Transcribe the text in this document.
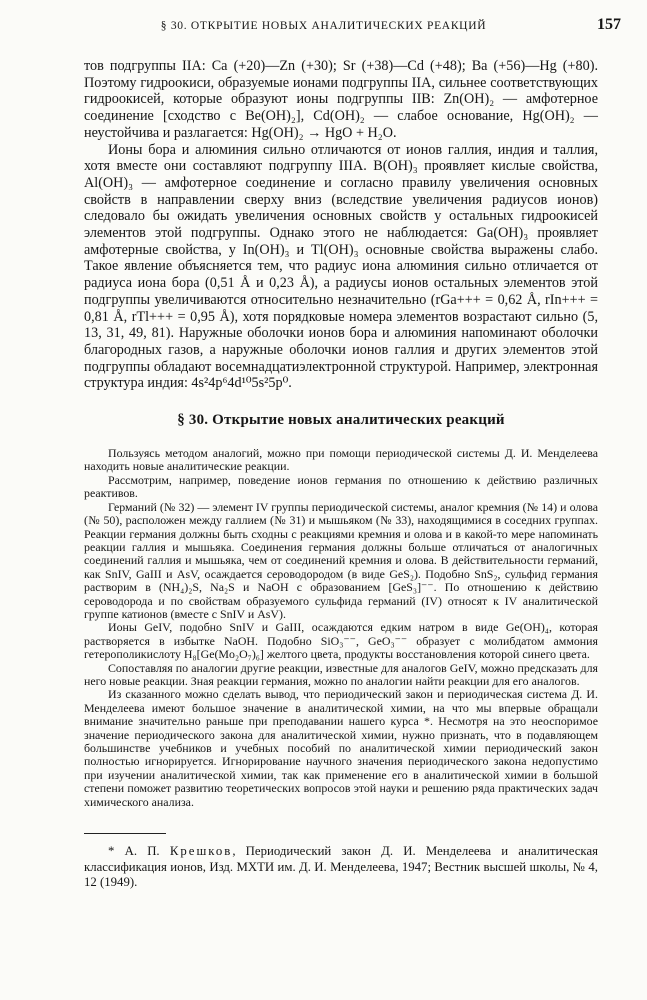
§ 30. ОТКРЫТИЕ НОВЫХ АНАЛИТИЧЕСКИХ РЕАКЦИЙ	157

тов подгруппы IIA: Ca (+20)—Zn (+30); Sr (+38)—Cd (+48); Ba (+56)—Hg (+80). Поэтому гидроокиси, образуемые ионами подгруппы IIA, сильнее соответствующих гидроокисей, которые образуют ионы подгруппы IIB: Zn(OH)₂ — амфотерное соединение [сходство с Be(OH)₂], Cd(OH)₂ — слабое основание, Hg(OH)₂ — неустойчива и разлагается: Hg(OH)₂ → HgO + H₂O.

Ионы бора и алюминия сильно отличаются от ионов галлия, индия и таллия, хотя вместе они составляют подгруппу IIIA. B(OH)₃ проявляет кислые свойства, Al(OH)₃ — амфотерное соединение и согласно правилу увеличения основных свойств в направлении сверху вниз (вследствие увеличения радиусов ионов) следовало бы ожидать увеличения основных свойств у остальных гидроокисей элементов этой подгруппы. Однако этого не наблюдается: Ga(OH)₃ проявляет амфотерные свойства, у In(OH)₃ и Tl(OH)₃ основные свойства выражены слабо. Такое явление объясняется тем, что радиус иона алюминия сильно отличается от радиуса иона бора (0,51 Å и 0,23 Å), а радиусы ионов остальных элементов этой подгруппы увеличиваются относительно незначительно (rGa+++ = 0,62 Å, rIn+++ = 0,81 Å, rTl+++ = 0,95 Å), хотя порядковые номера элементов возрастают сильно (5, 13, 31, 49, 81). Наружные оболочки ионов бора и алюминия напоминают оболочки благородных газов, а наружные оболочки ионов галлия и других элементов этой подгруппы обладают восемнадцатиэлектронной структурой. Например, электронная структура индия: 4s²4p⁶4d¹⁰5s²5p⁰.

§ 30. Открытие новых аналитических реакций

Пользуясь методом аналогий, можно при помощи периодической системы Д. И. Менделеева находить новые аналитические реакции.

Рассмотрим, например, поведение ионов германия по отношению к действию различных реактивов.

Германий (№ 32) — элемент IV группы периодической системы, аналог кремния (№ 14) и олова (№ 50), расположен между галлием (№ 31) и мышьяком (№ 33), находящимися в соседних группах. Реакции германия должны быть сходны с реакциями кремния и олова и в какой-то мере напоминать реакции галлия и мышьяка. Соединения германия должны больше отличаться от аналогичных соединений галлия и мышьяка, чем от соединений кремния и олова. В действительности германий, как SnIV, GaIII и AsV, осаждается сероводородом (в виде GeS₂). Подобно SnS₂, сульфид германия растворим в (NH₄)₂S, Na₂S и NaOH с образованием [GeS₃]⁻⁻. По отношению к действию сероводорода и по свойствам образуемого сульфида германий (IV) относят к IV аналитической группе катионов (вместе с SnIV и AsV).

Ионы GeIV, подобно SnIV и GaIII, осаждаются едким натром в виде Ge(OH)₄, которая растворяется в избытке NaOH. Подобно SiO₃⁻⁻, GeO₃⁻⁻ образует с молибдатом аммония гетерополикислоту H₈[Ge(Mo₂O₇)₆] желтого цвета, продукты восстановления которой синего цвета.

Сопоставляя по аналогии другие реакции, известные для аналогов GeIV, можно предсказать для него новые реакции. Зная реакции германия, можно по аналогии найти реакции для его аналогов.

Из сказанного можно сделать вывод, что периодический закон и периодическая система Д. И. Менделеева имеют большое значение в аналитической химии, на что мы впервые обращали внимание значительно раньше при преподавании нашего курса *. Несмотря на это неоспоримое значение периодического закона для аналитической химии, нужно признать, что в подавляющем большинстве учебников и учебных пособий по аналитической химии периодический закон полностью игнорируется. Игнорирование научного значения периодического закона недопустимо при изучении аналитической химии, так как применение его в аналитической химии в большой степени поможет развитию теоретических вопросов этой науки и решению ряда практических задач химического анализа.

* А. П. Крешков, Периодический закон Д. И. Менделеева и аналитическая классификация ионов, Изд. МХТИ им. Д. И. Менделеева, 1947; Вестник высшей школы, № 4, 12 (1949).
